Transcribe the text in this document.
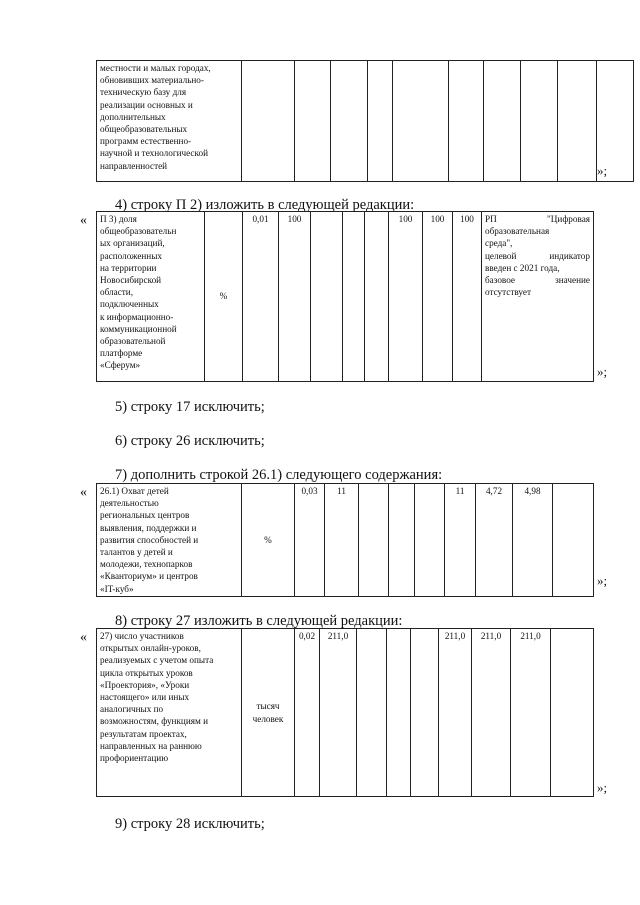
местности и малых городах,
обновивших материально-
техническую базу для
реализации основных и
дополнительных
общеобразовательных
программ естественно-
научной и технологической
направленностей
											»;
4) строку П 2) изложить в следующей редакции:
« П 3) доля
общеобразовательн
ых организаций,
расположенных
на территории
Новосибирской
области,
подключенных
к информационно-
коммуникационной
образовательной
платформе
«Сферум»
	%	0,01	100				100	100	100	РП	"Цифровая
образовательная
среда",
целевой индикатор
введен с 2021 года,
базовое значение
отсутствует
»;
5) строку 17 исключить;
6) строку 26 исключить;
7) дополнить строкой 26.1) следующего содержания:
« 26.1) Охват детей
деятельностью
региональных центров
выявления, поддержки и
развития способностей и
талантов у детей и
молодежи, технопарков
«Кванториум» и центров
«IT-куб»
	%	0,03	11				11	4,72	4,98	
»;
8) строку 27 изложить в следующей редакции:
« 27) число участников
открытых онлайн-уроков,
реализуемых с учетом опыта
цикла открытых уроков
«Проектория», «Уроки
настоящего» или иных
аналогичных по
возможностям, функциям и
результатам проектах,
направленных на раннюю
профориентацию

тысяч
человек
	0,02	211,0				211,0	211,0	211,0	
»;
9) строку 28 исключить;
